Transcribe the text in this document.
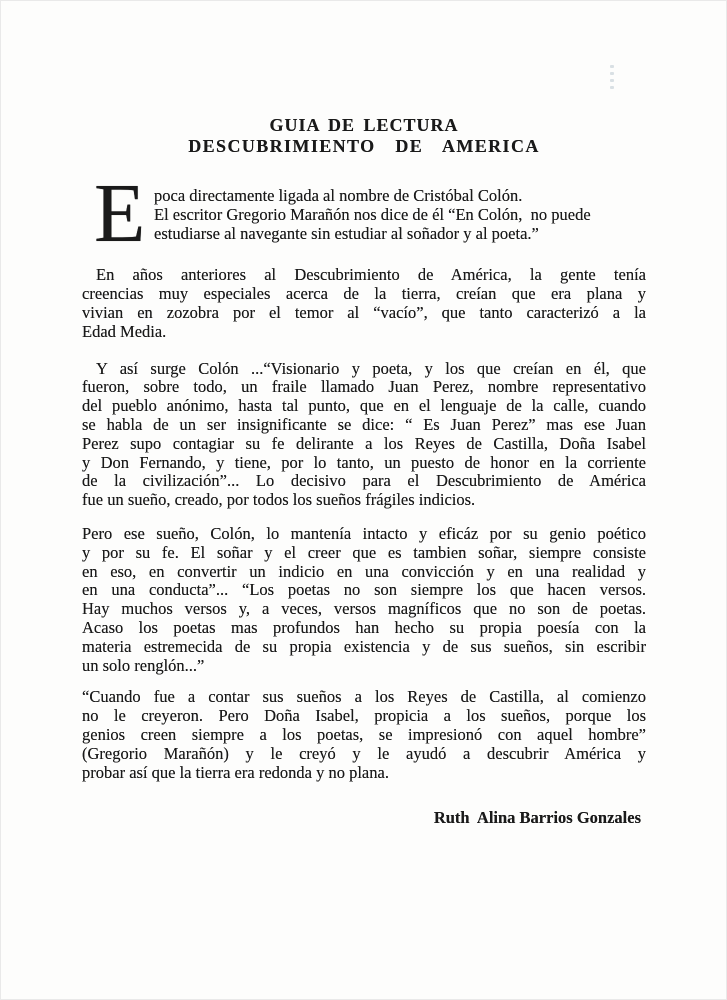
GUIA DE LECTURA
DESCUBRIMIENTO  DE  AMERICA
E poca directamente ligada al nombre de Cristóbal Colón.
El escritor Gregorio Marañón nos dice de él “En Colón,  no puede
estudiarse al navegante sin estudiar al soñador y al poeta.”
En años anteriores al Descubrimiento de América, la gente tenía
creencias muy especiales acerca de la tierra, creían que era plana y
vivian en zozobra por el temor al “vacío”, que tanto caracterizó a la
Edad Media.
Y así surge Colón ...“Visionario y poeta, y los que creían en él, que
fueron, sobre todo, un fraile llamado Juan Perez, nombre representativo
del pueblo anónimo, hasta tal punto, que en el lenguaje de la calle, cuando
se habla de un ser insignificante se dice: “ Es Juan Perez” mas ese Juan
Perez supo contagiar su fe delirante a los Reyes de Castilla, Doña Isabel
y Don Fernando, y tiene, por lo tanto, un puesto de honor en la corriente
de la civilización”... Lo decisivo para el Descubrimiento de América
fue un sueño, creado, por todos los sueños frágiles indicios.
Pero ese sueño, Colón, lo mantenía intacto y eficáz por su genio poético
y por su fe. El soñar y el creer que es tambien soñar, siempre consiste
en eso, en convertir un indicio en una convicción y en una realidad y
en una conducta”... “Los poetas no son siempre los que hacen versos.
Hay muchos versos y, a veces, versos magníficos que no son de poetas.
Acaso los poetas mas profundos han hecho su propia poesía con la
materia estremecida de su propia existencia y de sus sueños, sin escribir
un solo renglón...”
“Cuando fue a contar sus sueños a los Reyes de Castilla, al comienzo
no le creyeron. Pero Doña Isabel, propicia a los sueños, porque los
genios creen siempre a los poetas, se impresionó con aquel hombre”
(Gregorio Marañón) y le creyó y le ayudó a descubrir América y
probar así que la tierra era redonda y no plana.
Ruth  Alina Barrios Gonzales
